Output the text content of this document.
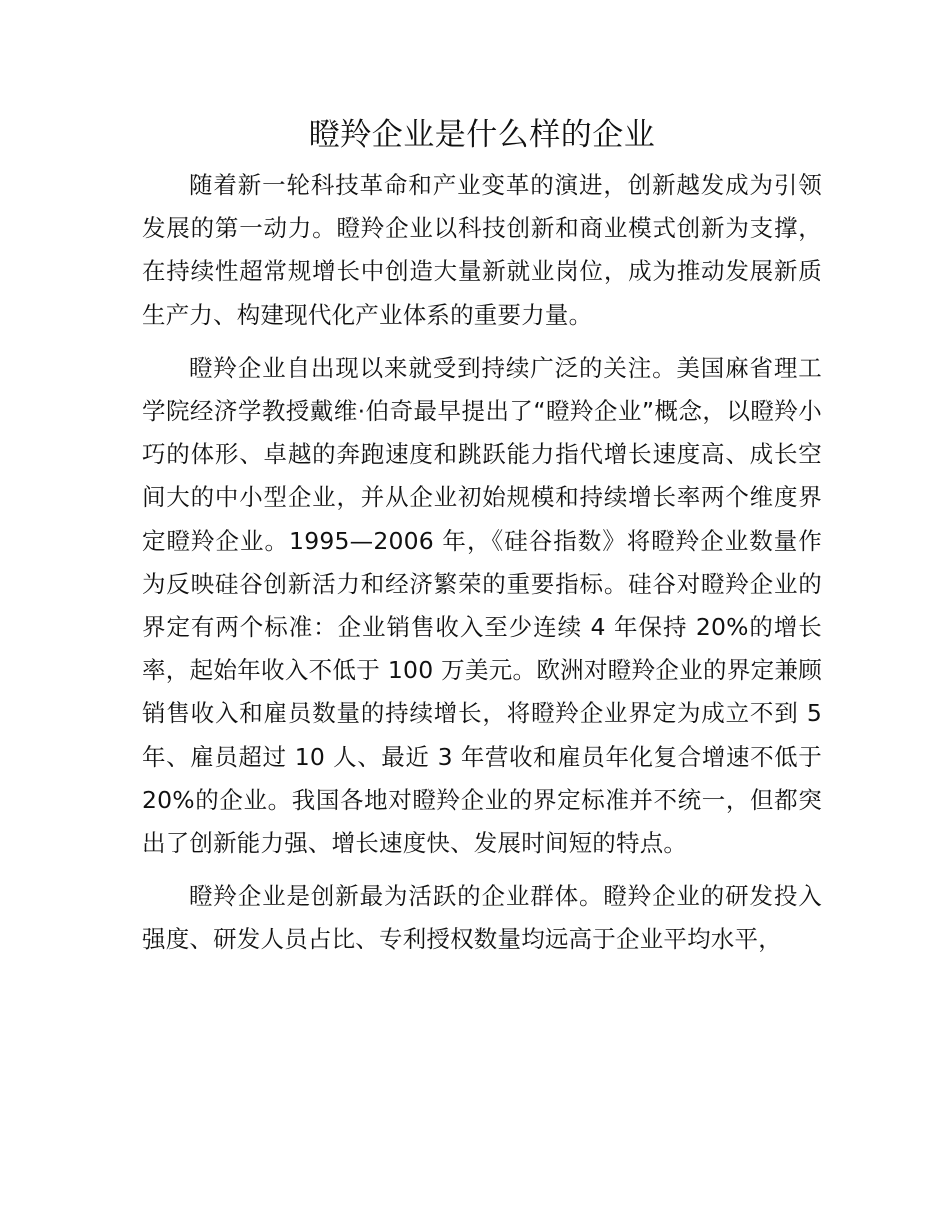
瞪羚企业是什么样的企业

随着新一轮科技革命和产业变革的演进，创新越发成为引领发展的第一动力。瞪羚企业以科技创新和商业模式创新为支撑，在持续性超常规增长中创造大量新就业岗位，成为推动发展新质生产力、构建现代化产业体系的重要力量。

瞪羚企业自出现以来就受到持续广泛的关注。美国麻省理工学院经济学教授戴维·伯奇最早提出了“瞪羚企业”概念，以瞪羚小巧的体形、卓越的奔跑速度和跳跃能力指代增长速度高、成长空间大的中小型企业，并从企业初始规模和持续增长率两个维度界定瞪羚企业。1995—2006 年，《硅谷指数》将瞪羚企业数量作为反映硅谷创新活力和经济繁荣的重要指标。硅谷对瞪羚企业的界定有两个标准：企业销售收入至少连续 4 年保持 20%的增长率，起始年收入不低于 100 万美元。欧洲对瞪羚企业的界定兼顾销售收入和雇员数量的持续增长，将瞪羚企业界定为成立不到 5 年、雇员超过 10 人、最近 3 年营收和雇员年化复合增速不低于 20%的企业。我国各地对瞪羚企业的界定标准并不统一，但都突出了创新能力强、增长速度快、发展时间短的特点。

瞪羚企业是创新最为活跃的企业群体。瞪羚企业的研发投入强度、研发人员占比、专利授权数量均远高于企业平均水平，
